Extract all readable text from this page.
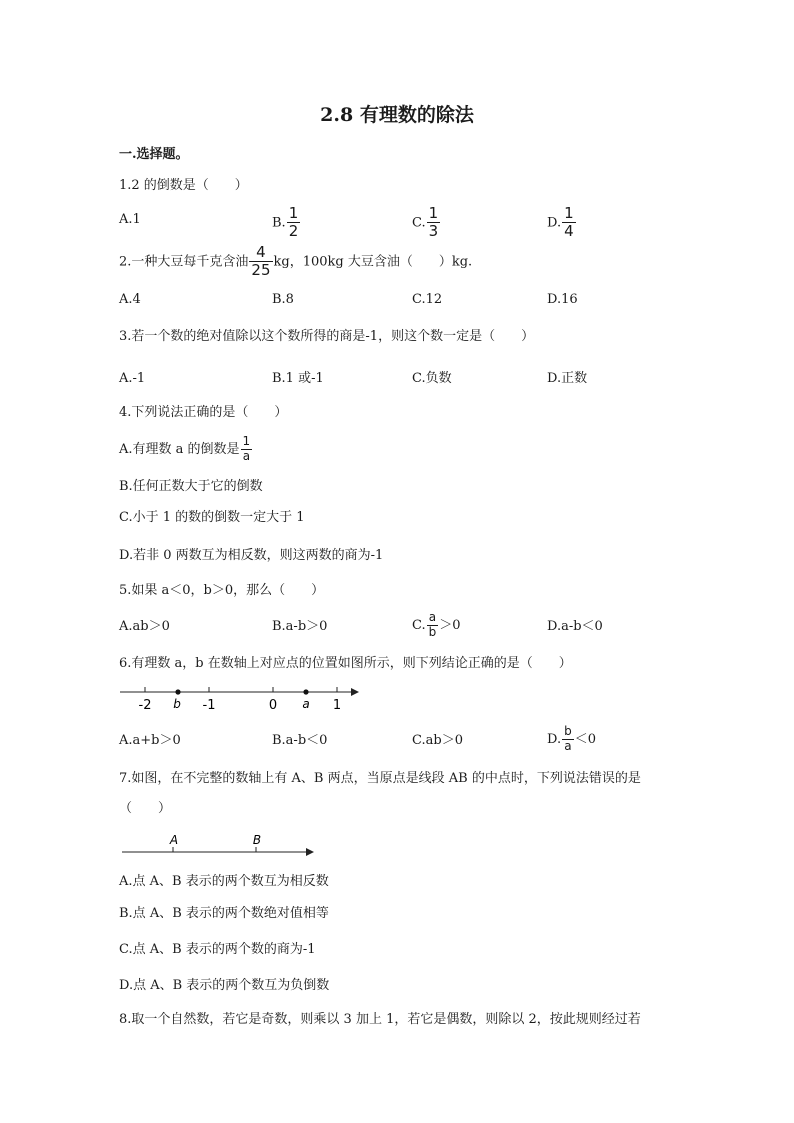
2.8 有理数的除法
一.选择题。
1.2 的倒数是（　　）
A.1	B. $\frac{1}{2}$	C. $\frac{1}{3}$	D. $\frac{1}{4}$
2.一种大豆每千克含油 $\frac{4}{25}$ kg，100kg 大豆含油（　　）kg.
A.4	B.8	C.12	D.16
3.若一个数的绝对值除以这个数所得的商是-1，则这个数一定是（　　）
A.-1	B.1 或-1	C.负数	D.正数
4.下列说法正确的是（　　）
A.有理数 a 的倒数是 $\frac{1}{a}$
B.任何正数大于它的倒数
C.小于 1 的数的倒数一定大于 1
D.若非 0 两数互为相反数，则这两数的商为-1
5.如果 a＜0，b＞0，那么（　　）
A.ab＞0	B.a-b＞0	C. $\frac{a}{b} >0$	D.a-b＜0
6.有理数 a，b 在数轴上对应点的位置如图所示，则下列结论正确的是（　　）
-2 b -1	0 a 1
A.a+b＞0	B.a-b＜0	C.ab＞0	D. $\frac{b}{a} <0$
7.如图，在不完整的数轴上有 A、B 两点，当原点是线段 AB 的中点时，下列说法错误的是
（　　）
A	B
A.点 A、B 表示的两个数互为相反数
B.点 A、B 表示的两个数绝对值相等
C.点 A、B 表示的两个数的商为-1
D.点 A、B 表示的两个数互为负倒数
8.取一个自然数，若它是奇数，则乘以 3 加上 1，若它是偶数，则除以 2，按此规则经过若
